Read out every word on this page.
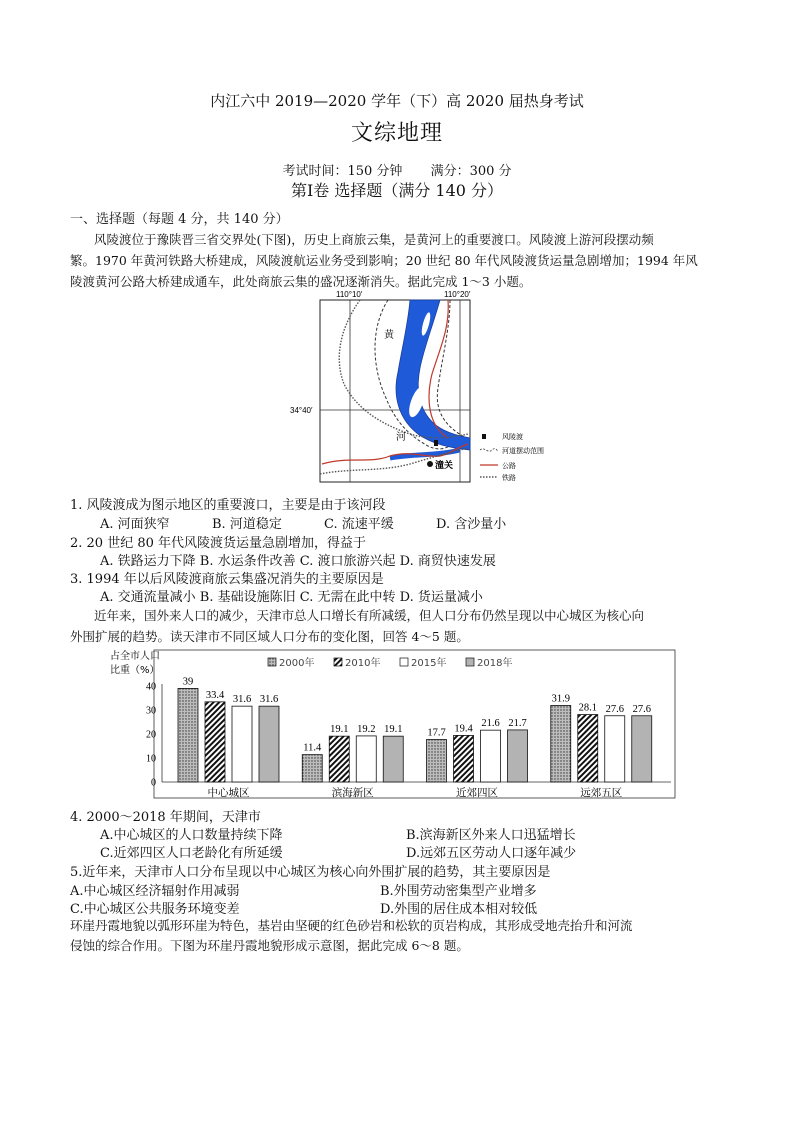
内江六中 2019—2020 学年（下）高 2020 届热身考试
文综地理
考试时间：150 分钟 满分：300 分
第Ⅰ卷 选择题（满分 140 分）
一、选择题（每题 4 分，共 140 分）
风陵渡位于豫陕晋三省交界处(下图)，历史上商旅云集，是黄河上的重要渡口。风陵渡上游河段摆动频
繁。1970 年黄河铁路大桥建成，风陵渡航运业务受到影响；20 世纪 80 年代风陵渡货运量急剧增加；1994 年风
陵渡黄河公路大桥建成通车，此处商旅云集的盛况逐渐消失。据此完成 1～3 小题。
110°10′	110°20′
34°40′
黄
河
潼关
风陵渡
河道摆动范围
公路
铁路
1. 风陵渡成为图示地区的重要渡口，主要是由于该河段
A. 河面狭窄	B. 河道稳定	C. 流速平缓	D. 含沙量小
2. 20 世纪 80 年代风陵渡货运量急剧增加，得益于
A. 铁路运力下降 B. 水运条件改善 C. 渡口旅游兴起 D. 商贸快速发展
3. 1994 年以后风陵渡商旅云集盛况消失的主要原因是
A. 交通流量减小 B. 基础设施陈旧 C. 无需在此中转 D. 货运量减小
近年来，国外来人口的减少，天津市总人口增长有所减缓，但人口分布仍然呈现以中心城区为核心向
外围扩展的趋势。读天津市不同区域人口分布的变化图，回答 4～5 题。
占全市人口
比重（%）
0
10
20
30
40	39
33.4 31.6 31.6
中心城区
11.4
19.1 19.2 19.1
滨海新区
17.7 19.4 21.6 21.7
近郊四区
31.9
28.1 27.6 27.6
远郊五区
2000年	2010年	2015年	2018年
4. 2000～2018 年期间，天津市
A.中心城区的人口数量持续下降	B.滨海新区外来人口迅猛增长
C.近郊四区人口老龄化有所延缓	D.远郊五区劳动人口逐年减少
5.近年来，天津市人口分布呈现以中心城区为核心向外围扩展的趋势，其主要原因是
A.中心城区经济辐射作用减弱	B.外围劳动密集型产业增多
C.中心城区公共服务环境变差	D.外围的居住成本相对较低
环崖丹霞地貌以弧形环崖为特色，基岩由坚硬的红色砂岩和松软的页岩构成，其形成受地壳抬升和河流
侵蚀的综合作用。下图为环崖丹霞地貌形成示意图，据此完成 6～8 题。
